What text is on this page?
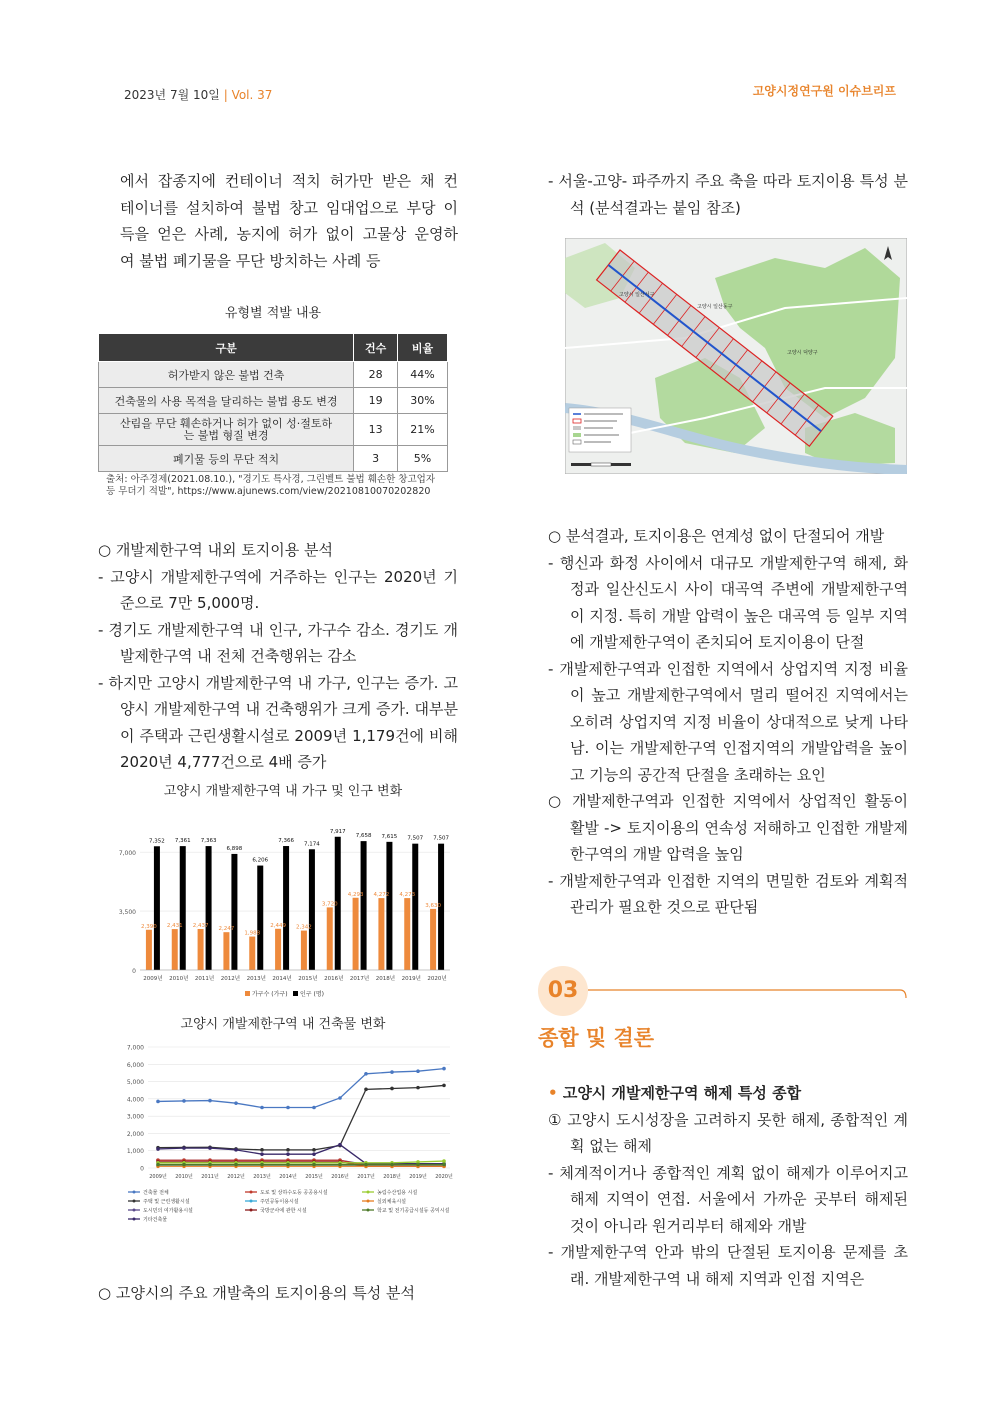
2023년 7월 10일 | Vol. 37	고양시정연구원 이슈브리프

에서 잡종지에 컨테이너 적치 허가만 받은 채 컨

테이너를 설치하여 불법 창고 임대업으로 부당 이

득을 얻은 사례, 농지에 허가 없이 고물상 운영하

여 불법 폐기물을 무단 방치하는 사례 등

유형별 적발 내용
구분	건수	비율
허가받지 않은 불법 건축	28	44%
건축물의 사용 목적을 달리하는 불법 용도 변경	19	30%
산림을 무단 훼손하거나 허가 없이 성·절토하는 불법 형질 변경	13	21%
폐기물 등의 무단 적치	3	5%
출처: 아주경제(2021.08.10.), "경기도 특사경, 그린벨트 불법 훼손한 창고업자
등 무더기 적발", https://www.ajunews.com/view/20210810070202820

○ 개발제한구역 내외 토지이용 분석

- 고양시 개발제한구역에 거주하는 인구는 2020년 기준으로 7만 5,000명.

- 경기도 개발제한구역 내 인구, 가구수 감소. 경기도 개발제한구역 내 전체 건축행위는 감소

- 하지만 고양시 개발제한구역 내 가구, 인구는 증가. 고양시 개발제한구역 내 건축행위가 크게 증가. 대부분이 주택과 근린생활시설로 2009년 1,179건에 비해 2020년 4,777건으로 4배 증가

고양시 개발제한구역 내 가구 및 인구 변화
0
3,500
7,000
7,352
2,390
2009년
7,361
2,431
2010년
7,363
2,437
2011년
6,898
2,247
2012년
6,206
1,988
2013년
7,366
2,449
2014년
7,174
2,342
2015년
7,917
3,720
2016년
7,658
4,293
2017년
7,615
4,272
2018년
7,507
4,273
2019년
7,507
3,630
2020년
가구수 (가구) 인구 (명)
고양시 개발제한구역 내 건축물 변화
0
1,000
2,000
3,000
4,000
5,000
6,000
7,000
2009년 2010년 2011년 2012년 2013년 2014년 2015년 2016년 2017년 2018년 2019년 2020년
건축물 전체	도로 및 상하수도등 공공용시설	농림수산업용 시설
주택 및 근린생활시설	주민공동이용시설	실외체육시설
도시민의 여가활용시설	국방군사에 관한 시설	학교 및 전기공급시설등 공익시설
기타건축물
○ 고양시의 주요 개발축의 토지이용의 특성 분석

- 서울-고양- 파주까지 주요 축을 따라 토지이용 특성 분석 (분석결과는 붙임 참조)

고양시 일산서구
고양시 일산동구
고양시 덕양구

○ 분석결과, 토지이용은 연계성 없이 단절되어 개발

- 행신과 화정 사이에서 대규모 개발제한구역 해제, 화정과 일산신도시 사이 대곡역 주변에 개발제한구역이 지정. 특히 개발 압력이 높은 대곡역 등 일부 지역에 개발제한구역이 존치되어 토지이용이 단절

- 개발제한구역과 인접한 지역에서 상업지역 지정 비율이 높고 개발제한구역에서 멀리 떨어진 지역에서는 오히려 상업지역 지정 비율이 상대적으로 낮게 나타남. 이는 개발제한구역 인접지역의 개발압력을 높이고 기능의 공간적 단절을 초래하는 요인

○ 개발제한구역과 인접한 지역에서 상업적인 활동이 활발 -> 토지이용의 연속성 저해하고 인접한 개발제한구역의 개발 압력을 높임

- 개발제한구역과 인접한 지역의 면밀한 검토와 계획적 관리가 필요한 것으로 판단됨

03
종합 및 결론

• 고양시 개발제한구역 해제 특성 종합

① 고양시 도시성장을 고려하지 못한 해제, 종합적인 계획 없는 해제

- 체계적이거나 종합적인 계획 없이 해제가 이루어지고 해제 지역이 연접. 서울에서 가까운 곳부터 해제된 것이 아니라 원거리부터 해제와 개발

- 개발제한구역 안과 밖의 단절된 토지이용 문제를 초래. 개발제한구역 내 해제 지역과 인접 지역은
